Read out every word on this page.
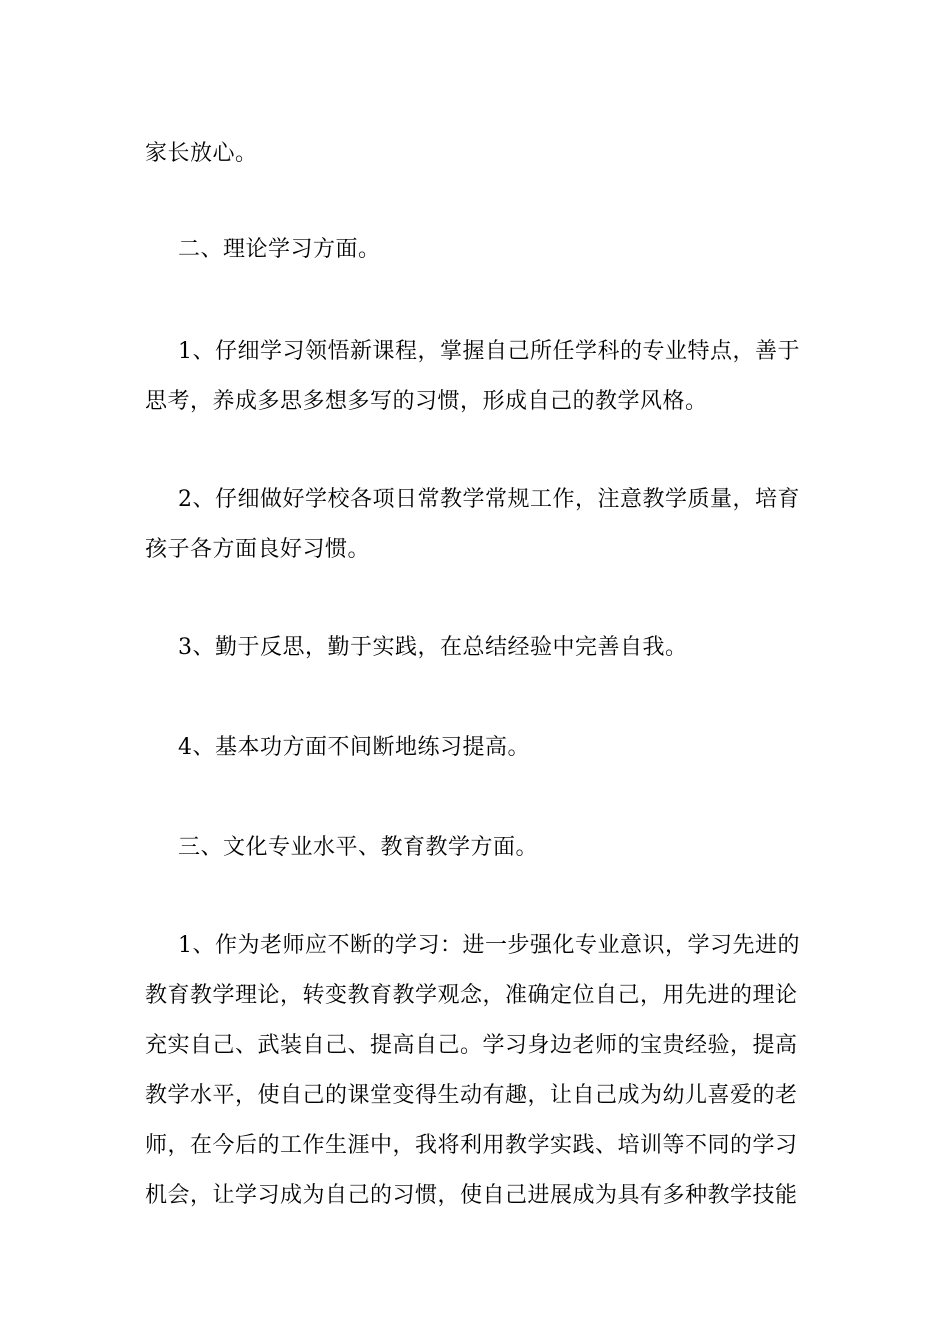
家长放心。
二、理论学习方面。
1、仔细学习领悟新课程，掌握自己所任学科的专业特点，善于
思考，养成多思多想多写的习惯，形成自己的教学风格。
2、仔细做好学校各项日常教学常规工作，注意教学质量，培育
孩子各方面良好习惯。
3、勤于反思，勤于实践，在总结经验中完善自我。
4、基本功方面不间断地练习提高。
三、文化专业水平、教育教学方面。
1、作为老师应不断的学习：进一步强化专业意识，学习先进的
教育教学理论，转变教育教学观念，准确定位自己，用先进的理论
充实自己、武装自己、提高自己。学习身边老师的宝贵经验，提高
教学水平，使自己的课堂变得生动有趣，让自己成为幼儿喜爱的老
师，在今后的工作生涯中，我将利用教学实践、培训等不同的学习
机会，让学习成为自己的习惯，使自己进展成为具有多种教学技能
